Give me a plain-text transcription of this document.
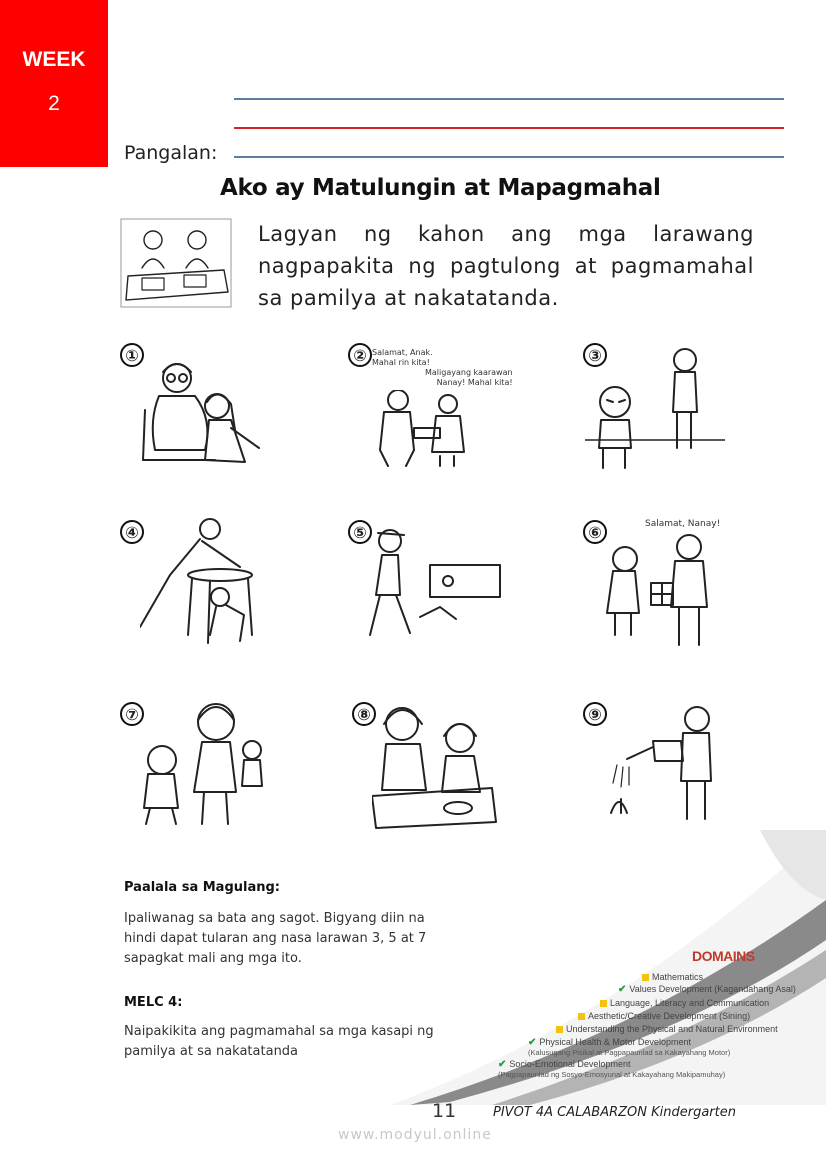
WEEK
2
Pangalan:
Ako ay Matulungin at Mapagmahal
Lagyan ng kahon ang mga larawang nagpapakita ng pagtulong at pagmamahal sa pamilya at nakatatanda.
①	② Salamat, Anak.
Mahal rin kita!
Maligayang kaarawan
Nanay! Mahal kita!
③
④	⑤	⑥	Salamat, Nanay!
⑦	⑧	⑨
Paalala sa Magulang:
Ipaliwanag sa bata ang sagot. Bigyang diin na hindi dapat tularan ang nasa larawan 3, 5 at 7 sapagkat mali ang mga ito.
MELC 4:
Naipakikita ang pagmamahal sa mga kasapi ng pamilya at sa nakatatanda
DOMAINS
Mathematics
✔ Values Development (Kagandahang Asal)
Language, Literacy and Communication
Aesthetic/Creative Development (Sining)
Understanding the Physical and Natural Environment
✔ Physical Health & Motor Development
(Kalusugang Pisikal at Pagpapaunlad sa Kakayahang Motor)
✔ Socio-Emotional Development
(Pagpapaunlad ng Sosyo-Emosyunal at Kakayahang Makipamuhay)
11	PIVOT 4A CALABARZON Kindergarten
www.modyul.online
